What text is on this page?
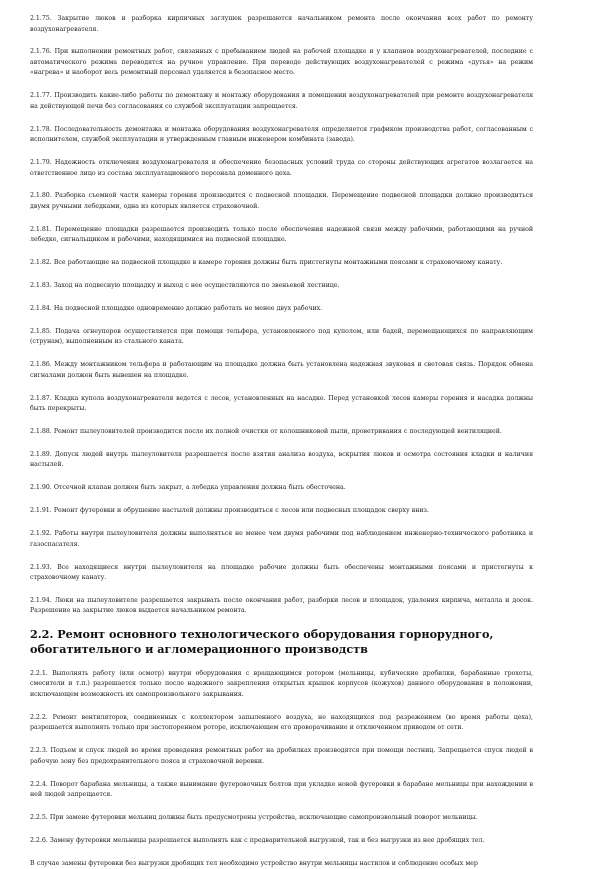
2.1.75. Закрытие люков и разборка кирпичных заглушек разрешаются начальником ремонта после окончания всех работ по ремонту воздухонагревателя.

2.1.76. При выполнении ремонтных работ, связанных с пребыванием людей на рабочей площадке и у клапанов воздухонагревателей, последние с автоматического режима переводятся на ручное управление. При переводе действующих воздухонагревателей с режима «дутья» на режим «нагрева» и наоборот весь ремонтный персонал удаляется в безопасное место.

2.1.77. Производить какие-либо работы по демонтажу и монтажу оборудования в помещении воздухонагревателей при ремонте воздухонагревателя на действующей печи без согласования со службой эксплуатации запрещается.

2.1.78. Последовательность демонтажа и монтажа оборудования воздухонагревателя определяется графиком производства работ, согласованным с исполнителем, службой эксплуатации и утвержденным главным инженером комбината (завода).

2.1.79. Надежность отключения воздухонагревателя и обеспечение безопасных условий труда со стороны действующих агрегатов возлагается на ответственное лицо из состава эксплуатационного персонала доменного цеха.

2.1.80. Разборка съемной части камеры горения производится с подвесной площадки. Перемещение подвесной площадки должно производиться двумя ручными лебедками, одна из которых является страховочной.

2.1.81. Перемещение площадки разрешается производить только после обеспечения надежной связи между рабочими, работающими на ручной лебедке, сигнальщиком и рабочими, находящимися на подвесной площадке.

2.1.82. Все работающие на подвесной площадке в камере горения должны быть пристегнуты монтажными поясами к страховочному канату.

2.1.83. Заход на подвесную площадку и выход с нее осуществляются по звеньевой лестнице.

2.1.84. На подвесной площадке одновременно должно работать не менее двух рабочих.

2.1.85. Подача огнеупоров осуществляется при помощи тельфера, установленного под куполом, или бадей, перемещающихся по направляющим (струнам), выполненным из стального каната.

2.1.86. Между монтажником тельфера и работающим на площадке должна быть установлена надежная звуковая и световая связь. Порядок обмена сигналами должен быть вывешен на площадке.

2.1.87. Кладка купола воздухонагревателя ведется с лесов, установленных на насадке. Перед установкой лесов камеры горения и насадка должны быть перекрыты.

2.1.88. Ремонт пылеуловителей производится после их полной очистки от колошниковой пыли, проветривания с последующей вентиляцией.

2.1.89. Допуск людей внутрь пылеуловителя разрешается после взятия анализа воздуха, вскрытия люков и осмотра состояния кладки и наличия настылей.

2.1.90. Отсечной клапан должен быть закрыт, а лебедка управления должна быть обесточена.

2.1.91. Ремонт футеровки и обрушение настылей должны производиться с лесов или подвесных площадок сверху вниз.

2.1.92. Работы внутри пылеуловителя должны выполняться не менее чем двумя рабочими под наблюдением инженерно-технического работника и газоспасателя.

2.1.93. Все находящиеся внутри пылеуловителя на площадке рабочие должны быть обеспечены монтажными поясами и пристегнуты к страховочному канату.

2.1.94. Люки на пылеуловителе разрешается закрывать после окончания работ, разборки лесов и площадок, удаления кирпича, металла и досок. Разрешение на закрытие люков выдается начальником ремонта.

2.2. Ремонт основного технологического оборудования горнорудного, обогатительного и агломерационного производств

2.2.1. Выполнять работу (или осмотр) внутри оборудования с вращающимся ротором (мельницы, кубические дробилки, барабанные грохоты, смесители и т.п.) разрешается только после надежного закрепления открытых крышек корпусов (кожухов) данного оборудования в положении, исключающем возможность их самопроизвольного закрывания.

2.2.2. Ремонт вентиляторов, соединенных с коллектором запыленного воздуха, не находящихся под разрежением (во время работы цеха), разрешается выполнять только при застопоренном роторе, исключающем его проворачивание и отключенном приводом от сети.

2.2.3. Подъем и спуск людей во время проведения ремонтных работ на дробилках производятся при помощи лестниц. Запрещается спуск людей в рабочую зону без предохранительного пояса и страховочной веревки.

2.2.4. Поворот барабана мельницы, а также вынимание футеровочных болтов при укладке новой футеровки в барабане мельницы при нахождении в ней людей запрещается.

2.2.5. При замене футеровки мельниц должны быть предусмотрены устройства, исключающие самопроизвольный поворот мельницы.

2.2.6. Замену футеровки мельницы разрешается выполнять как с предварительной выгрузкой, так и без выгрузки из нее дробящих тел.

В случае замены футеровки без выгрузки дробящих тел необходимо устройство внутри мельницы настилов и соблюдение особых мер
